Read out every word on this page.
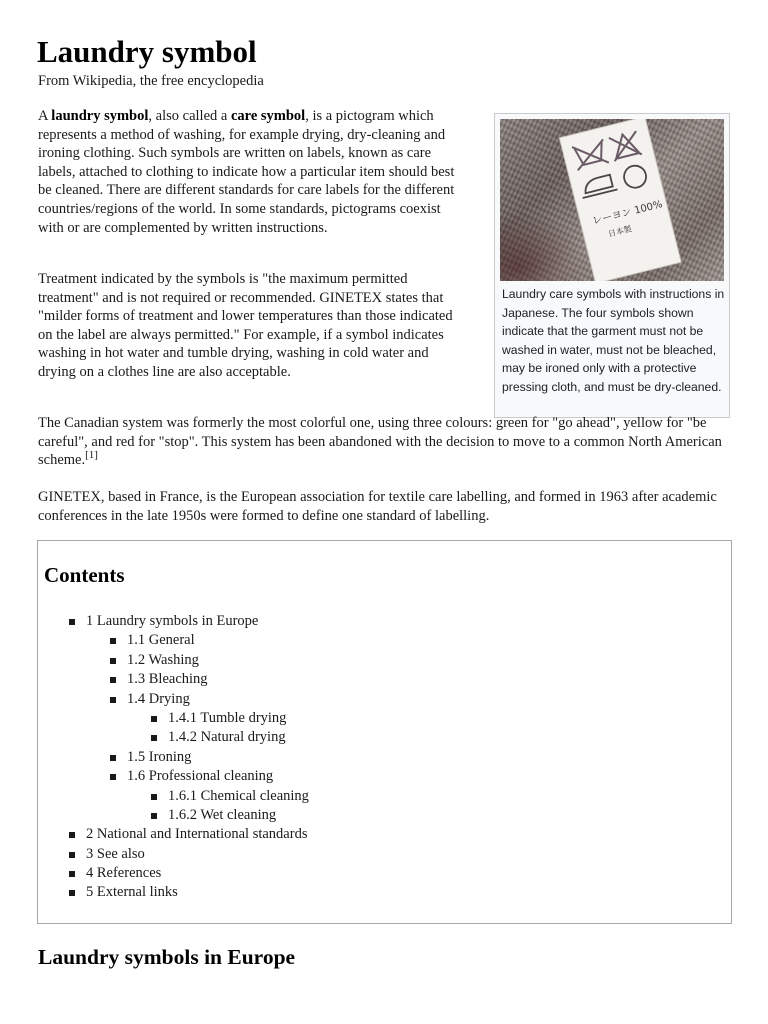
Laundry symbol
From Wikipedia, the free encyclopedia

A laundry symbol, also called a care symbol, is a pictogram which represents a method of washing, for example drying, dry-cleaning and ironing clothing. Such symbols are written on labels, known as care labels, attached to clothing to indicate how a particular item should best be cleaned. There are different standards for care labels for the different countries/regions of the world. In some standards, pictograms coexist with or are complemented by written instructions.

レーヨン 100%
日本製

Laundry care symbols with instructions in Japanese. The four symbols shown indicate that the garment must not be washed in water, must not be bleached, may be ironed only with a protective pressing cloth, and must be dry-cleaned.

Treatment indicated by the symbols is "the maximum permitted treatment" and is not required or recommended. GINETEX states that "milder forms of treatment and lower temperatures than those indicated on the label are always permitted." For example, if a symbol indicates washing in hot water and tumble drying, washing in cold water and drying on a clothes line are also acceptable.

The Canadian system was formerly the most colorful one, using three colours: green for "go ahead", yellow for "be careful", and red for "stop". This system has been abandoned with the decision to move to a common North American scheme.[1]

GINETEX, based in France, is the European association for textile care labelling, and formed in 1963 after academic conferences in the late 1950s were formed to define one standard of labelling.

Contents
1 Laundry symbols in Europe
1.1 General
1.2 Washing
1.3 Bleaching
1.4 Drying
1.4.1 Tumble drying
1.4.2 Natural drying
1.5 Ironing
1.6 Professional cleaning
1.6.1 Chemical cleaning
1.6.2 Wet cleaning
2 National and International standards
3 See also
4 References
5 External links
Laundry symbols in Europe
